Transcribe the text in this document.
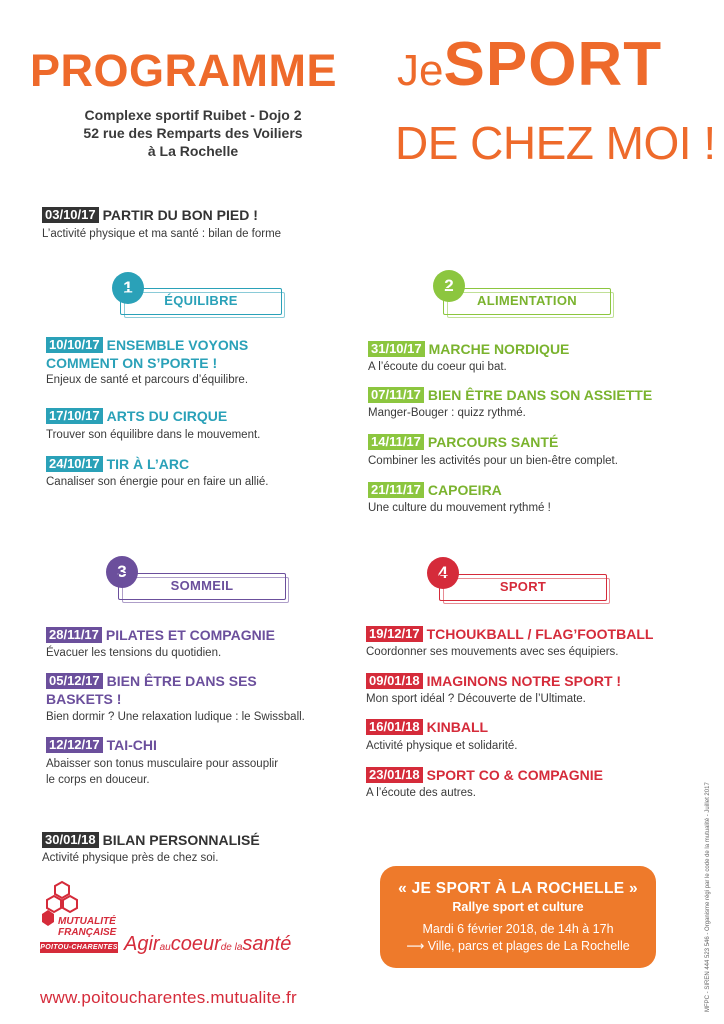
PROGRAMME
Complexe sportif Ruibet - Dojo 2
52 rue des Remparts des Voiliers
à La Rochelle
JeSPORT
DE CHEZ MOI !
03/10/17 PARTIR DU BON PIED !
L’activité physique et ma santé : bilan de forme
1
ÉQUILIBRE
10/10/17 ENSEMBLE VOYONS COMMENT ON S’PORTE !
Enjeux de santé et parcours d’équilibre.
17/10/17 ARTS DU CIRQUE
Trouver son équilibre dans le mouvement.
24/10/17 TIR À L’ARC
Canaliser son énergie pour en faire un allié.
2
ALIMENTATION
31/10/17 MARCHE NORDIQUE
A l’écoute du coeur qui bat.
07/11/17 BIEN ÊTRE DANS SON ASSIETTE
Manger-Bouger : quizz rythmé.
14/11/17 PARCOURS SANTÉ
Combiner les activités pour un bien-être complet.
21/11/17 CAPOEIRA
Une culture du mouvement rythmé !
3
SOMMEIL
28/11/17 PILATES ET COMPAGNIE
Évacuer les tensions du quotidien.
05/12/17 BIEN ÊTRE DANS SES BASKETS !
Bien dormir ? Une relaxation ludique : le Swissball.
12/12/17 TAI-CHI
Abaisser son tonus musculaire pour assouplir
le corps en douceur.
4
SPORT
19/12/17 TCHOUKBALL / FLAG’FOOTBALL
Coordonner ses mouvements avec ses équipiers.
09/01/18 IMAGINONS NOTRE SPORT !
Mon sport idéal ? Découverte de l’Ultimate.
16/01/18 KINBALL
Activité physique et solidarité.
23/01/18 SPORT CO & COMPAGNIE
A l’écoute des autres.
30/01/18 BILAN PERSONNALISÉ
Activité physique près de chez soi.
« JE SPORT À LA ROCHELLE »
Rallye sport et culture
Mardi 6 février 2018, de 14h à 17h
⟶ Ville, parcs et plages de La Rochelle
MUTUALITÉ
FRANÇAISE
POITOU-CHARENTES Agiraucoeurde lasanté
www.poitoucharentes.mutualite.fr	MFPC - SIREN 444 523 546 - Organisme régi par le code de la mutualité - Juillet 2017
